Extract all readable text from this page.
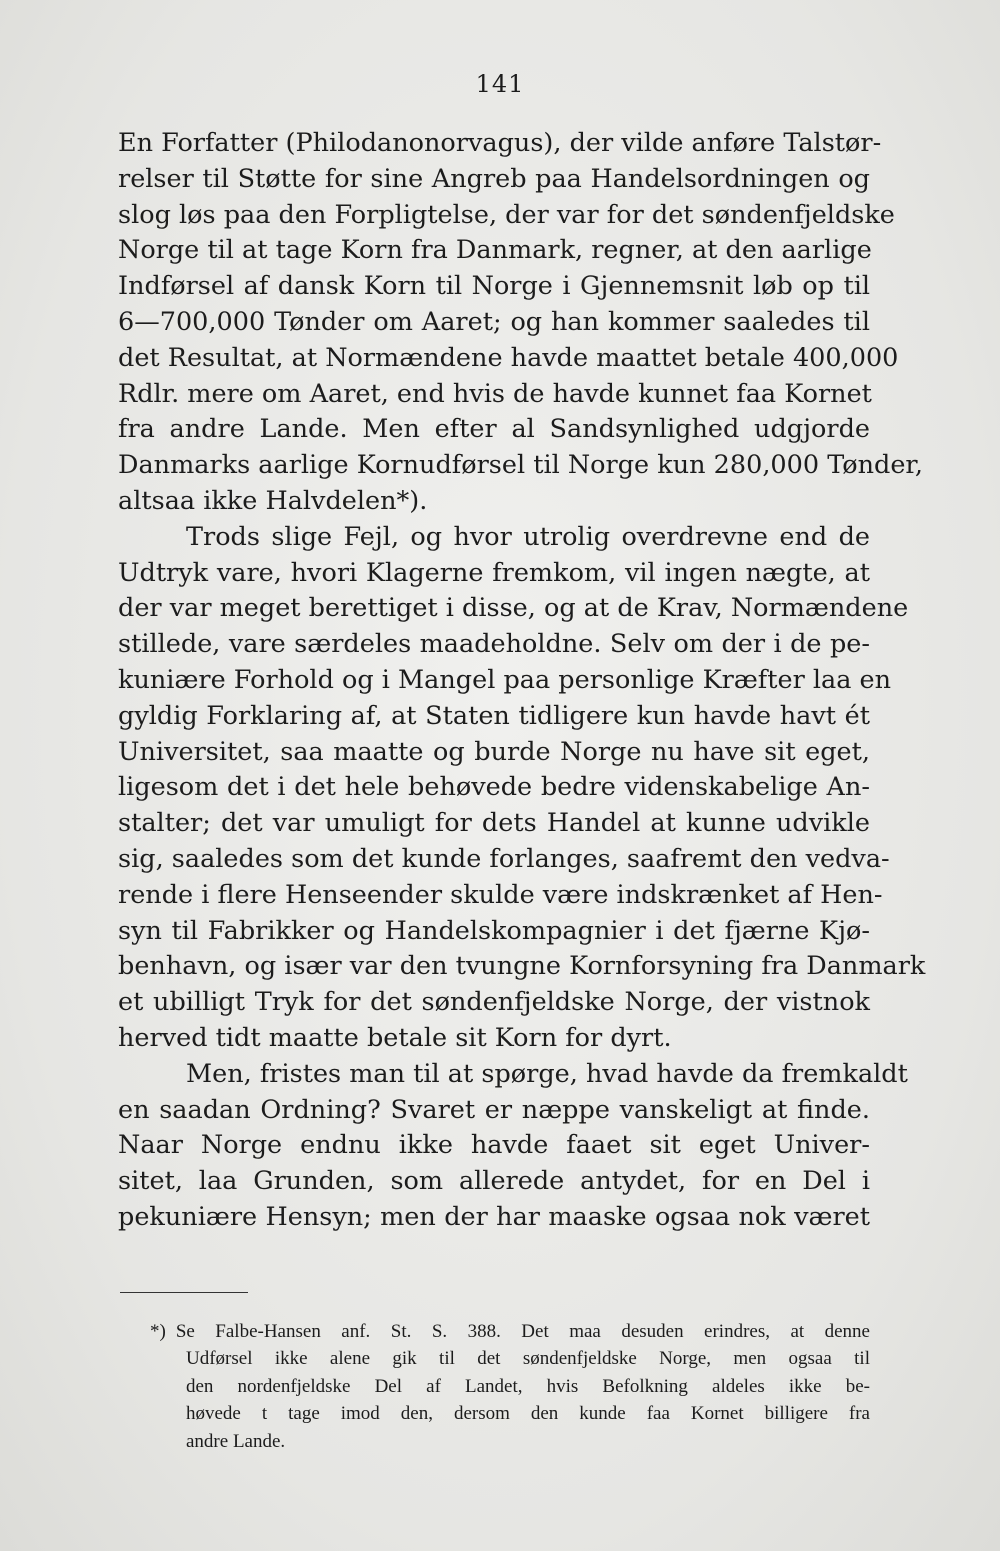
141
En Forfatter (Philodanonorvagus), der vilde anføre Talstør-
relser til Støtte for sine Angreb paa Handelsordningen og
slog løs paa den Forpligtelse, der var for det søndenfjeldske
Norge til at tage Korn fra Danmark, regner, at den aarlige
Indførsel af dansk Korn til Norge i Gjennemsnit løb op til
6—700,000 Tønder om Aaret; og han kommer saaledes til
det Resultat, at Normændene havde maattet betale 400,000
Rdlr. mere om Aaret, end hvis de havde kunnet faa Kornet
fra andre Lande. Men efter al Sandsynlighed udgjorde
Danmarks aarlige Kornudførsel til Norge kun 280,000 Tønder,
altsaa ikke Halvdelen*).
Trods slige Fejl, og hvor utrolig overdrevne end de
Udtryk vare, hvori Klagerne fremkom, vil ingen nægte, at
der var meget berettiget i disse, og at de Krav, Normændene
stillede, vare særdeles maadeholdne. Selv om der i de pe-
kuniære Forhold og i Mangel paa personlige Kræfter laa en
gyldig Forklaring af, at Staten tidligere kun havde havt ét
Universitet, saa maatte og burde Norge nu have sit eget,
ligesom det i det hele behøvede bedre videnskabelige An-
stalter; det var umuligt for dets Handel at kunne udvikle
sig, saaledes som det kunde forlanges, saafremt den vedva-
rende i flere Henseender skulde være indskrænket af Hen-
syn til Fabrikker og Handelskompagnier i det fjærne Kjø-
benhavn, og især var den tvungne Kornforsyning fra Danmark
et ubilligt Tryk for det søndenfjeldske Norge, der vistnok
herved tidt maatte betale sit Korn for dyrt.
Men, fristes man til at spørge, hvad havde da fremkaldt
en saadan Ordning? Svaret er næppe vanskeligt at finde.
Naar Norge endnu ikke havde faaet sit eget Univer-
sitet, laa Grunden, som allerede antydet, for en Del i
pekuniære Hensyn; men der har maaske ogsaa nok været
*) Se Falbe-Hansen anf. St. S. 388. Det maa desuden erindres, at denne
Udførsel ikke alene gik til det søndenfjeldske Norge, men ogsaa til
den nordenfjeldske Del af Landet, hvis Befolkning aldeles ikke be-
høvede t tage imod den, dersom den kunde faa Kornet billigere fra
andre Lande.
